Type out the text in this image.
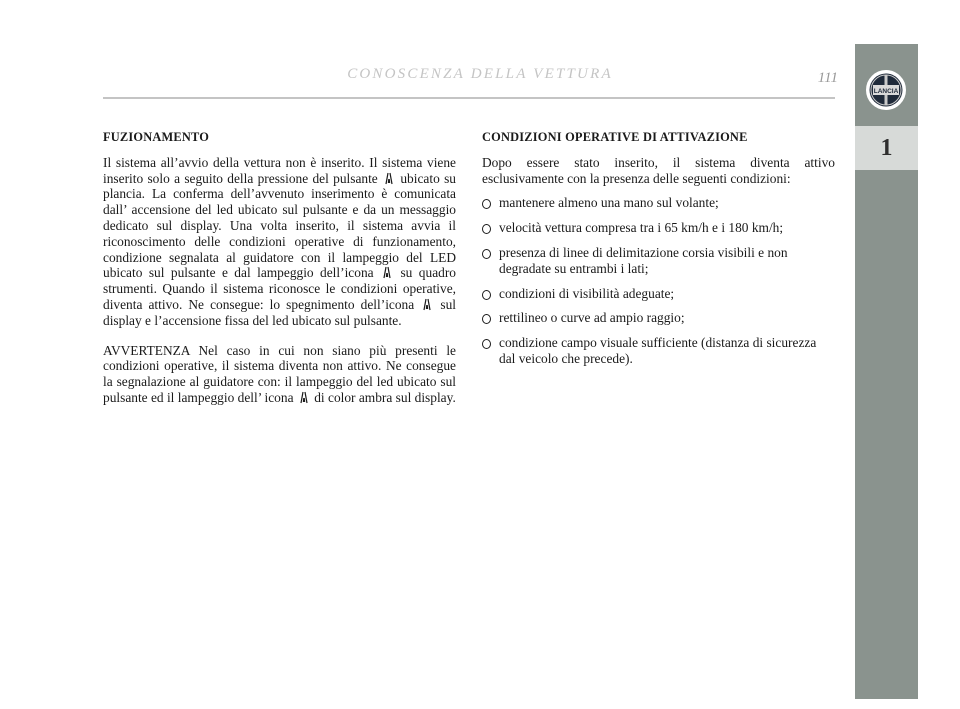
CONOSCENZA DELLA VETTURA	111
LANCIA
1
FUZIONAMENTO

Il sistema all’avvio della vettura non è inserito. Il sistema viene inserito solo a seguito della pressione del pulsante ubicato su plancia. La conferma dell’avvenuto inserimento è comunicata dall’ accensione del led ubicato sul pulsante e da un messaggio dedicato sul display. Una volta inserito, il sistema avvia il riconoscimento delle condizioni operative di funzionamento, condizione segnalata al guidatore con il lampeggio del LED ubicato sul pulsante e dal lampeggio dell’icona su quadro strumenti. Quando il sistema riconosce le condizioni operative, diventa attivo. Ne consegue: lo spegnimento dell’icona sul display e l’accensione fissa del led ubicato sul pulsante.

AVVERTENZA Nel caso in cui non siano più presenti le condizioni operative, il sistema diventa non attivo. Ne consegue la segnalazione al guidatore con: il lampeggio del led ubicato sul pulsante ed il lampeggio dell’ icona di color ambra sul display.

CONDIZIONI OPERATIVE DI ATTIVAZIONE

Dopo essere stato inserito, il sistema diventa attivo esclusivamente con la presenza delle seguenti condizioni:

mantenere almeno una mano sul volante;
velocità vettura compresa tra i 65 km/h e i 180 km/h;
presenza di linee di delimitazione corsia visibili e non degradate su entrambi i lati;
condizioni di visibilità adeguate;
rettilineo o curve ad ampio raggio;
condizione campo visuale sufficiente (distanza di sicurezza dal veicolo che precede).
